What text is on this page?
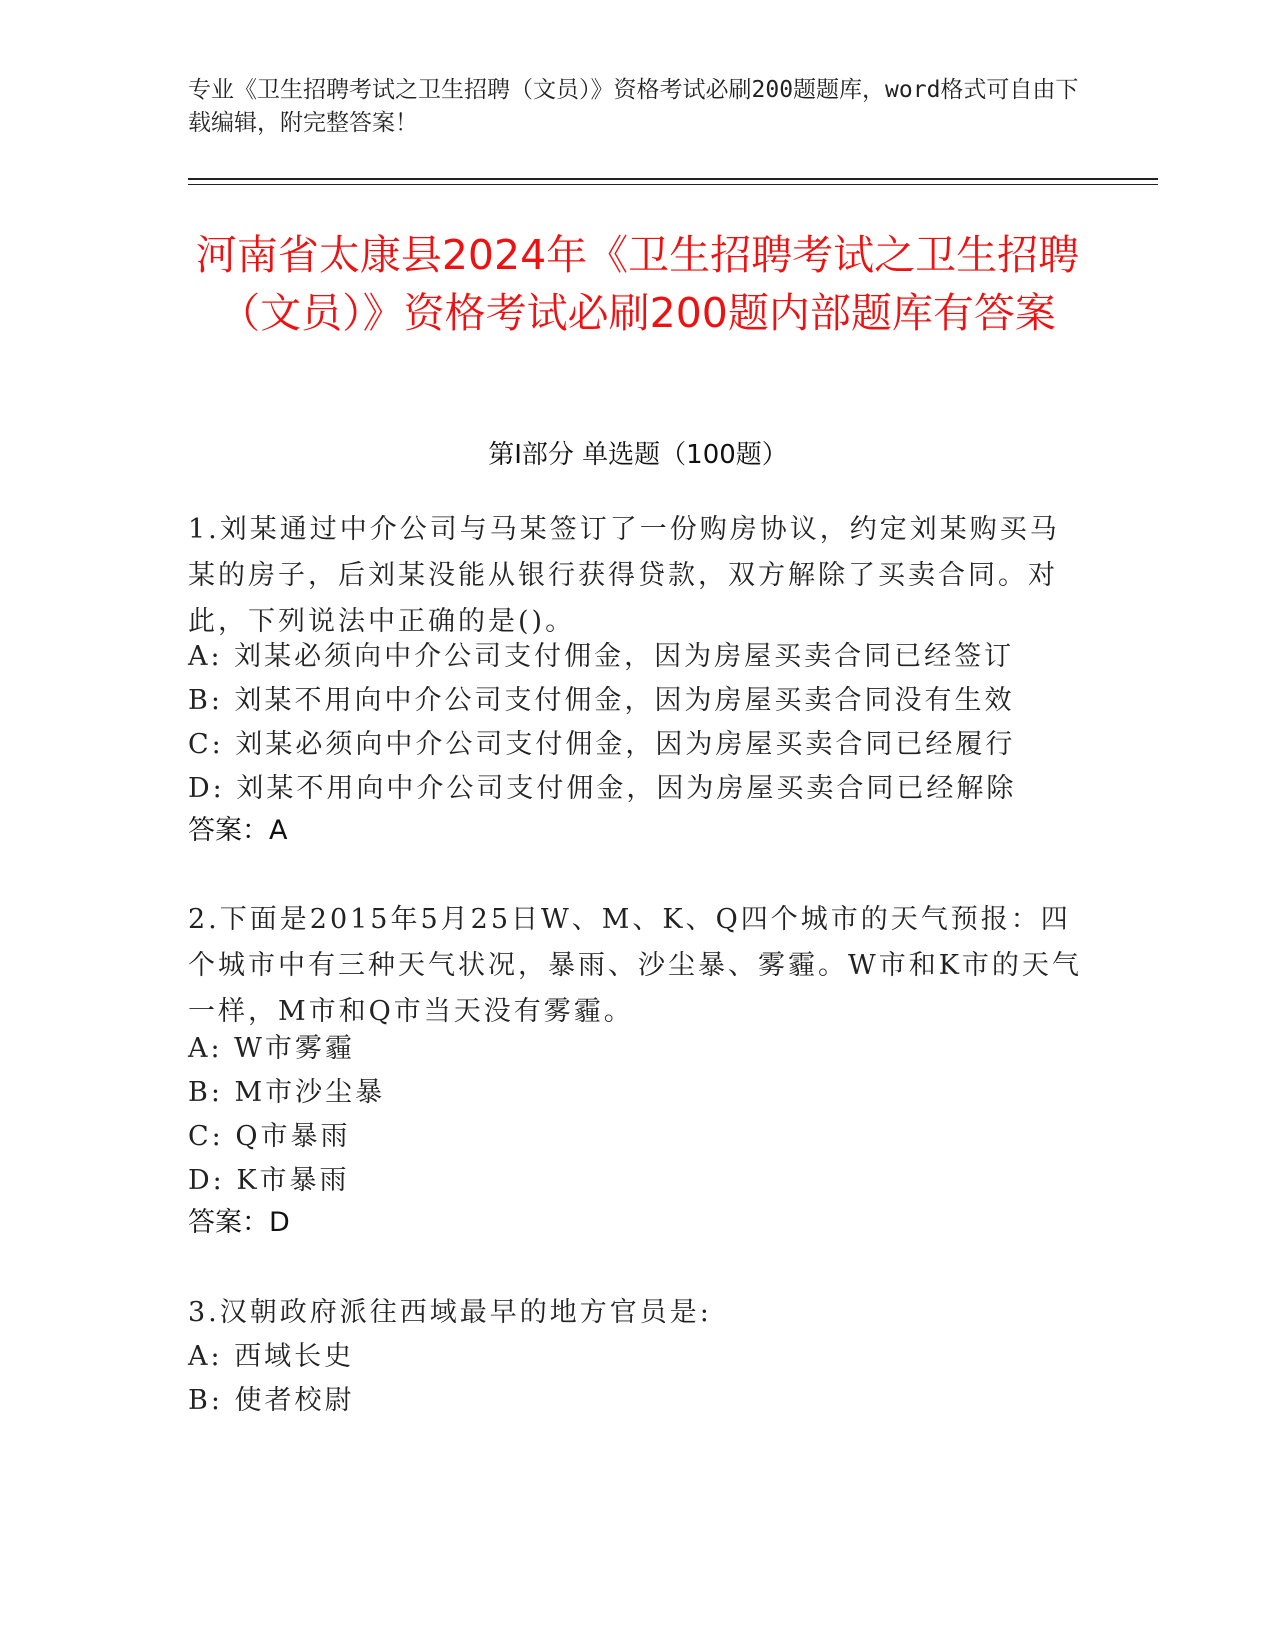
专业《卫生招聘考试之卫生招聘（文员）》资格考试必刷200题题库，word格式可自由下载编辑，附完整答案！
河南省太康县2024年《卫生招聘考试之卫生招聘（文员）》资格考试必刷200题内部题库有答案
第Ⅰ部分 单选题（100题）
1.刘某通过中介公司与马某签订了一份购房协议，约定刘某购买马某的房子，后刘某没能从银行获得贷款，双方解除了买卖合同。对此，下列说法中正确的是()。
A: 刘某必须向中介公司支付佣金，因为房屋买卖合同已经签订
B: 刘某不用向中介公司支付佣金，因为房屋买卖合同没有生效
C: 刘某必须向中介公司支付佣金，因为房屋买卖合同已经履行
D: 刘某不用向中介公司支付佣金，因为房屋买卖合同已经解除
答案：A
2.下面是2015年5月25日W、M、K、Q四个城市的天气预报：四个城市中有三种天气状况，暴雨、沙尘暴、雾霾。W市和K市的天气一样，M市和Q市当天没有雾霾。
A: W市雾霾
B: M市沙尘暴
C: Q市暴雨
D: K市暴雨
答案：D
3.汉朝政府派往西域最早的地方官员是:
A: 西域长史
B: 使者校尉
